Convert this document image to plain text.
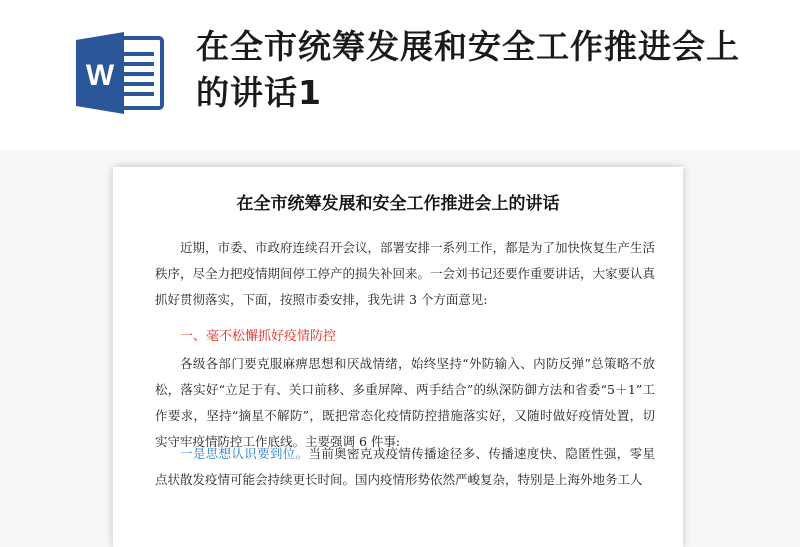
W
在全市统筹发展和安全工作推进会上的讲话1
在全市统筹发展和安全工作推进会上的讲话

近期，市委、市政府连续召开会议，部署安排一系列工作，都是为了加快恢复生产生活秩序，尽全力把疫情期间停工停产的损失补回来。一会刘书记还要作重要讲话，大家要认真抓好贯彻落实，下面，按照市委安排，我先讲 3 个方面意见:

一、毫不松懈抓好疫情防控

各级各部门要克服麻痹思想和厌战情绪，始终坚持“外防输入、内防反弹”总策略不放松，落实好“立足于有、关口前移、多重屏障、两手结合”的纵深防御方法和省委“5＋1”工作要求，坚持“摘星不解防”，既把常态化疫情防控措施落实好，又随时做好疫情处置，切实守牢疫情防控工作底线。主要强调 6 件事:

一是思想认识要到位。当前奥密克戎疫情传播途径多、传播速度快、隐匿性强，零星点状散发疫情可能会持续更长时间。国内疫情形势依然严峻复杂，特别是上海外地务工人
